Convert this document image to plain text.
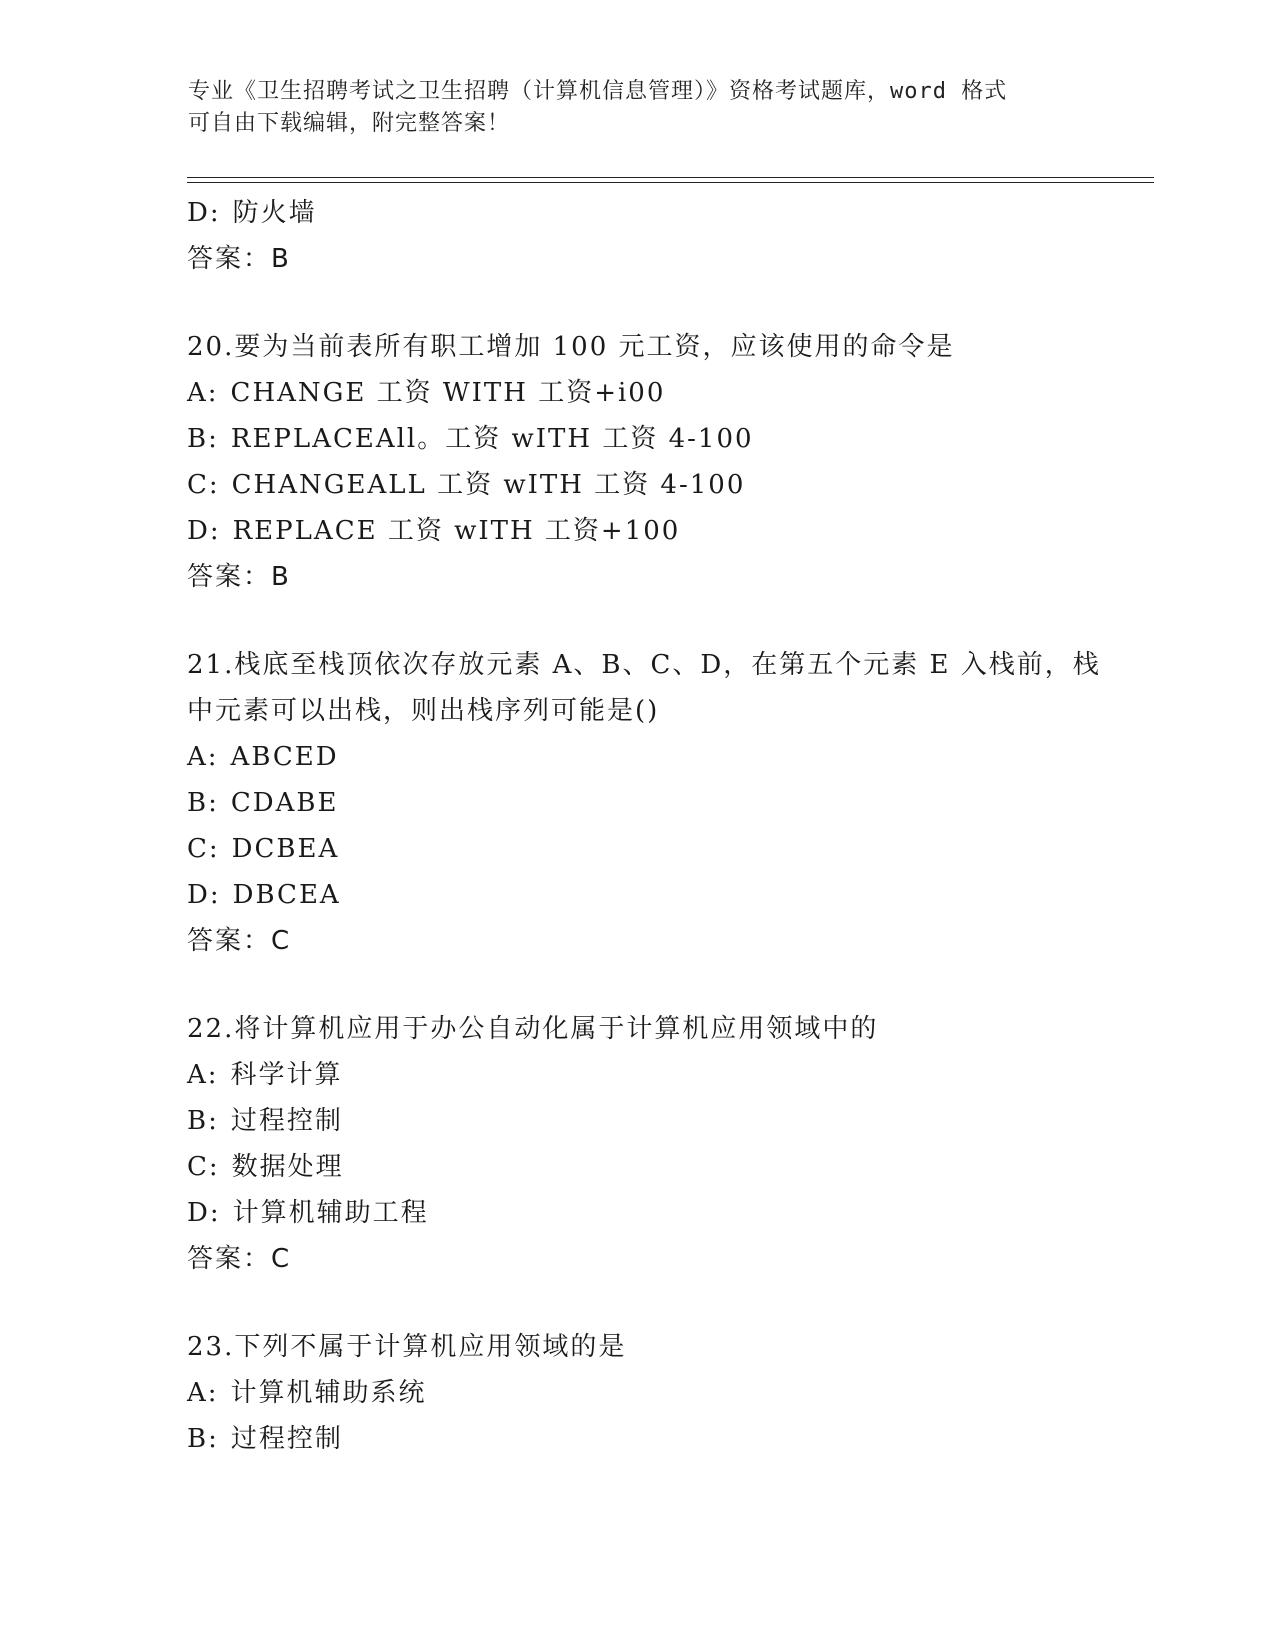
专业《卫生招聘考试之卫生招聘（计算机信息管理）》资格考试题库，word 格式
可自由下载编辑，附完整答案！
D: 防火墙
答案：B
20.要为当前表所有职工增加 100 元工资，应该使用的命令是
A: CHANGE 工资 WITH 工资+i00
B: REPLACEAll。工资 wITH 工资 4-100
C: CHANGEALL 工资 wITH 工资 4-100
D: REPLACE 工资 wITH 工资+100
答案：B
21.栈底至栈顶依次存放元素 A、B、C、D，在第五个元素 E 入栈前，栈
中元素可以出栈，则出栈序列可能是()
A: ABCED
B: CDABE
C: DCBEA
D: DBCEA
答案：C
22.将计算机应用于办公自动化属于计算机应用领域中的
A: 科学计算
B: 过程控制
C: 数据处理
D: 计算机辅助工程
答案：C
23.下列不属于计算机应用领域的是
A: 计算机辅助系统
B: 过程控制
